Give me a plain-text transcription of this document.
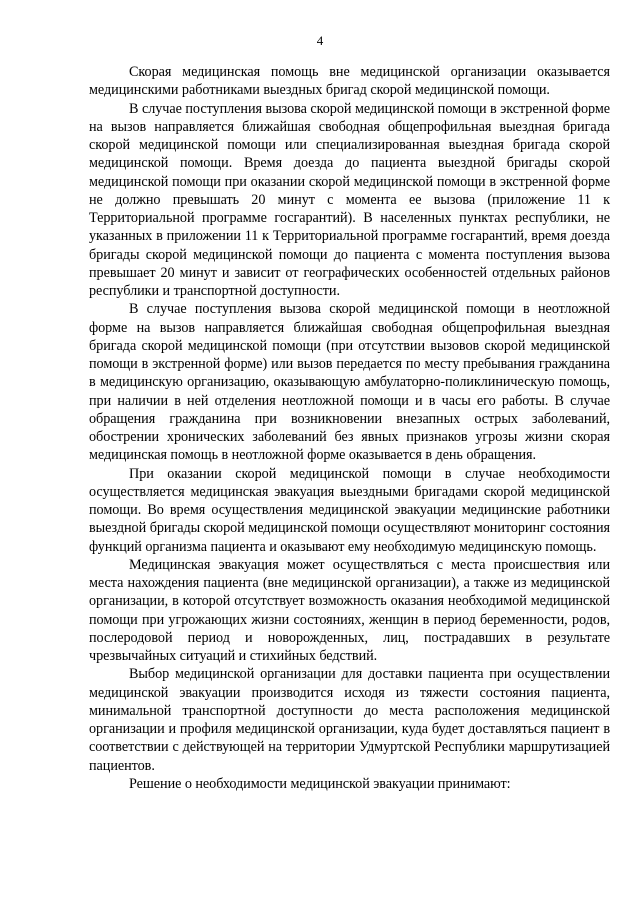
4

Скорая медицинская помощь вне медицинской организации оказывается медицинскими работниками выездных бригад скорой медицинской помощи.

В случае поступления вызова скорой медицинской помощи в экстренной форме на вызов направляется ближайшая свободная общепрофильная выездная бригада скорой медицинской помощи или специализированная выездная бригада скорой медицинской помощи. Время доезда до пациента выездной бригады скорой медицинской помощи при оказании скорой медицинской помощи в экстренной форме не должно превышать 20 минут с момента ее вызова (приложение 11 к Территориальной программе госгарантий). В населенных пунктах республики, не указанных в приложении 11 к Территориальной программе госгарантий, время доезда бригады скорой медицинской помощи до пациента с момента поступления вызова превышает 20 минут и зависит от географических особенностей отдельных районов республики и транспортной доступности.

В случае поступления вызова скорой медицинской помощи в неотложной форме на вызов направляется ближайшая свободная общепрофильная выездная бригада скорой медицинской помощи (при отсутствии вызовов скорой медицинской помощи в экстренной форме) или вызов передается по месту пребывания гражданина в медицинскую организацию, оказывающую амбулаторно-поликлиническую помощь, при наличии в ней отделения неотложной помощи и в часы его работы. В случае обращения гражданина при возникновении внезапных острых заболеваний, обострении хронических заболеваний без явных признаков угрозы жизни скорая медицинская помощь в неотложной форме оказывается в день обращения.

При оказании скорой медицинской помощи в случае необходимости осуществляется медицинская эвакуация выездными бригадами скорой медицинской помощи. Во время осуществления медицинской эвакуации медицинские работники выездной бригады скорой медицинской помощи осуществляют мониторинг состояния функций организма пациента и оказывают ему необходимую медицинскую помощь.

Медицинская эвакуация может осуществляться с места происшествия или места нахождения пациента (вне медицинской организации), а также из медицинской организации, в которой отсутствует возможность оказания необходимой медицинской помощи при угрожающих жизни состояниях, женщин в период беременности, родов, послеродовой период и новорожденных, лиц, пострадавших в результате чрезвычайных ситуаций и стихийных бедствий.

Выбор медицинской организации для доставки пациента при осуществлении медицинской эвакуации производится исходя из тяжести состояния пациента, минимальной транспортной доступности до места расположения медицинской организации и профиля медицинской организации, куда будет доставляться пациент в соответствии с действующей на территории Удмуртской Республики маршрутизацией пациентов.

Решение о необходимости медицинской эвакуации принимают:
